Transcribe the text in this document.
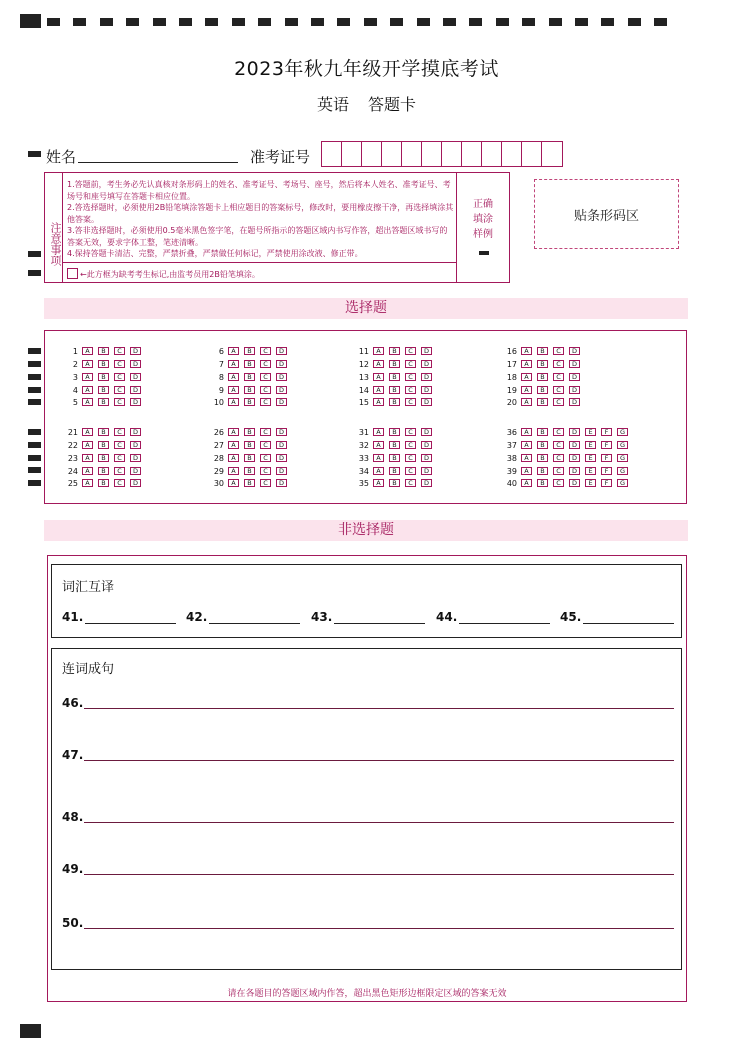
2023年秋九年级开学摸底考试
英语 答题卡
姓名	准考证号
注意事项
1.答题前，考生务必先认真核对条形码上的姓名、准考证号、考场号、座号，然后将本人姓名、准考证号、考场号和座号填写在答题卡相应位置。
2.答选择题时，必须使用2B铅笔填涂答题卡上相应题目的答案标号，修改时，要用橡皮擦干净，再选择填涂其他答案。
3.答非选择题时，必须使用0.5毫米黑色签字笔，在题号所指示的答题区域内书写作答，超出答题区域书写的答案无效，要求字体工整，笔迹清晰。
4.保持答题卡清洁、完整，严禁折叠，严禁做任何标记，严禁使用涂改液、修正带。
←此方框为缺考考生标记,由监考员用2B铅笔填涂。
正确填涂样例
贴条形码区
选择题
1	A	B	C	D
2	A	B	C	D
3	A	B	C	D
4	A	B	C	D
5	A	B	C	D
6	A	B	C	D
7	A	B	C	D
8	A	B	C	D
9	A	B	C	D
10	A	B	C	D
11	A	B	C	D
12	A	B	C	D
13	A	B	C	D
14	A	B	C	D
15	A	B	C	D
16	A	B	C	D
17	A	B	C	D
18	A	B	C	D
19	A	B	C	D
20	A	B	C	D
21	A	B	C	D
22	A	B	C	D
23	A	B	C	D
24	A	B	C	D
25	A	B	C	D
26	A	B	C	D
27	A	B	C	D
28	A	B	C	D
29	A	B	C	D
30	A	B	C	D
31	A	B	C	D
32	A	B	C	D
33	A	B	C	D
34	A	B	C	D
35	A	B	C	D
36	A	B	C	D	E	F	G
37	A	B	C	D	E	F	G
38	A	B	C	D	E	F	G
39	A	B	C	D	E	F	G
40	A	B	C	D	E	F	G
非选择题
词汇互译
41.	42.	43.	44.	45.
连词成句
46.
47.
48.
49.
50.
请在各题目的答题区域内作答，超出黑色矩形边框限定区域的答案无效
